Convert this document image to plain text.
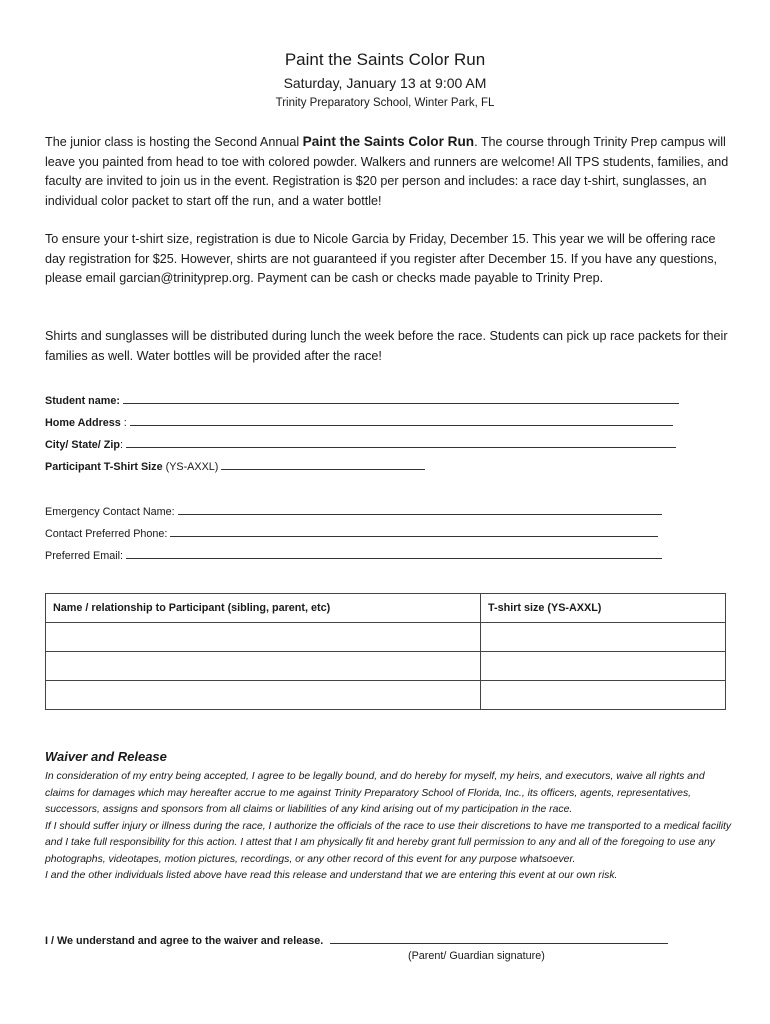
Paint the Saints Color Run
Saturday, January 13 at 9:00 AM
Trinity Preparatory School, Winter Park, FL

The junior class is hosting the Second Annual Paint the Saints Color Run. The course through Trinity Prep campus will leave you painted from head to toe with colored powder. Walkers and runners are welcome! All TPS students, families, and faculty are invited to join us in the event. Registration is $20 per person and includes: a race day t-shirt, sunglasses, an individual color packet to start off the run, and a water bottle!

To ensure your t-shirt size, registration is due to Nicole Garcia by Friday, December 15. This year we will be offering race day registration for $25. However, shirts are not guaranteed if you register after December 15. If you have any questions, please email garcian@trinityprep.org. Payment can be cash or checks made payable to Trinity Prep.

Shirts and sunglasses will be distributed during lunch the week before the race. Students can pick up race packets for their families as well. Water bottles will be provided after the race!

Student name:
Home Address :
City/ State/ Zip:
Participant T-Shirt Size (YS-AXXL)
Emergency Contact Name:
Contact Preferred Phone:
Preferred Email:
Name / relationship to Participant (sibling, parent, etc)	T-shirt size (YS-AXXL)

Waiver and Release

In consideration of my entry being accepted, I agree to be legally bound, and do hereby for myself, my heirs, and executors, waive all rights and claims for damages which may hereafter accrue to me against Trinity Preparatory School of Florida, Inc., its officers, agents, representatives, successors, assigns and sponsors from all claims or liabilities of any kind arising out of my participation in the race.

If I should suffer injury or illness during the race, I authorize the officials of the race to use their discretions to have me transported to a medical facility and I take full responsibility for this action. I attest that I am physically fit and hereby grant full permission to any and all of the foregoing to use any photographs, videotapes, motion pictures, recordings, or any other record of this event for any purpose whatsoever.

I and the other individuals listed above have read this release and understand that we are entering this event at our own risk.

I / We understand and agree to the waiver and release.
(Parent/ Guardian signature)
